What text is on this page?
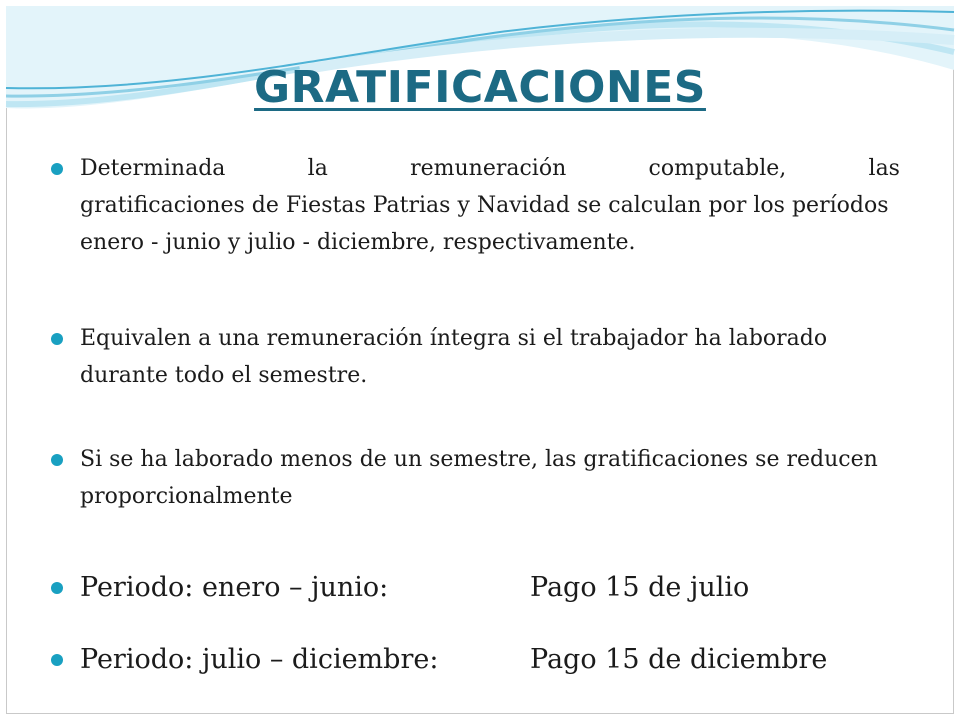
GRATIFICACIONES
Determinada	la	remuneración	computable,	las
gratificaciones de Fiestas Patrias y Navidad se calculan por los períodos enero - junio y julio - diciembre, respectivamente.

Equivalen a una remuneración íntegra si el trabajador ha laborado durante todo el semestre.

Si se ha laborado menos de un semestre, las gratificaciones se reducen proporcionalmente

Periodo: enero – junio:	Pago 15 de julio
Periodo: julio – diciembre:	Pago 15 de diciembre
